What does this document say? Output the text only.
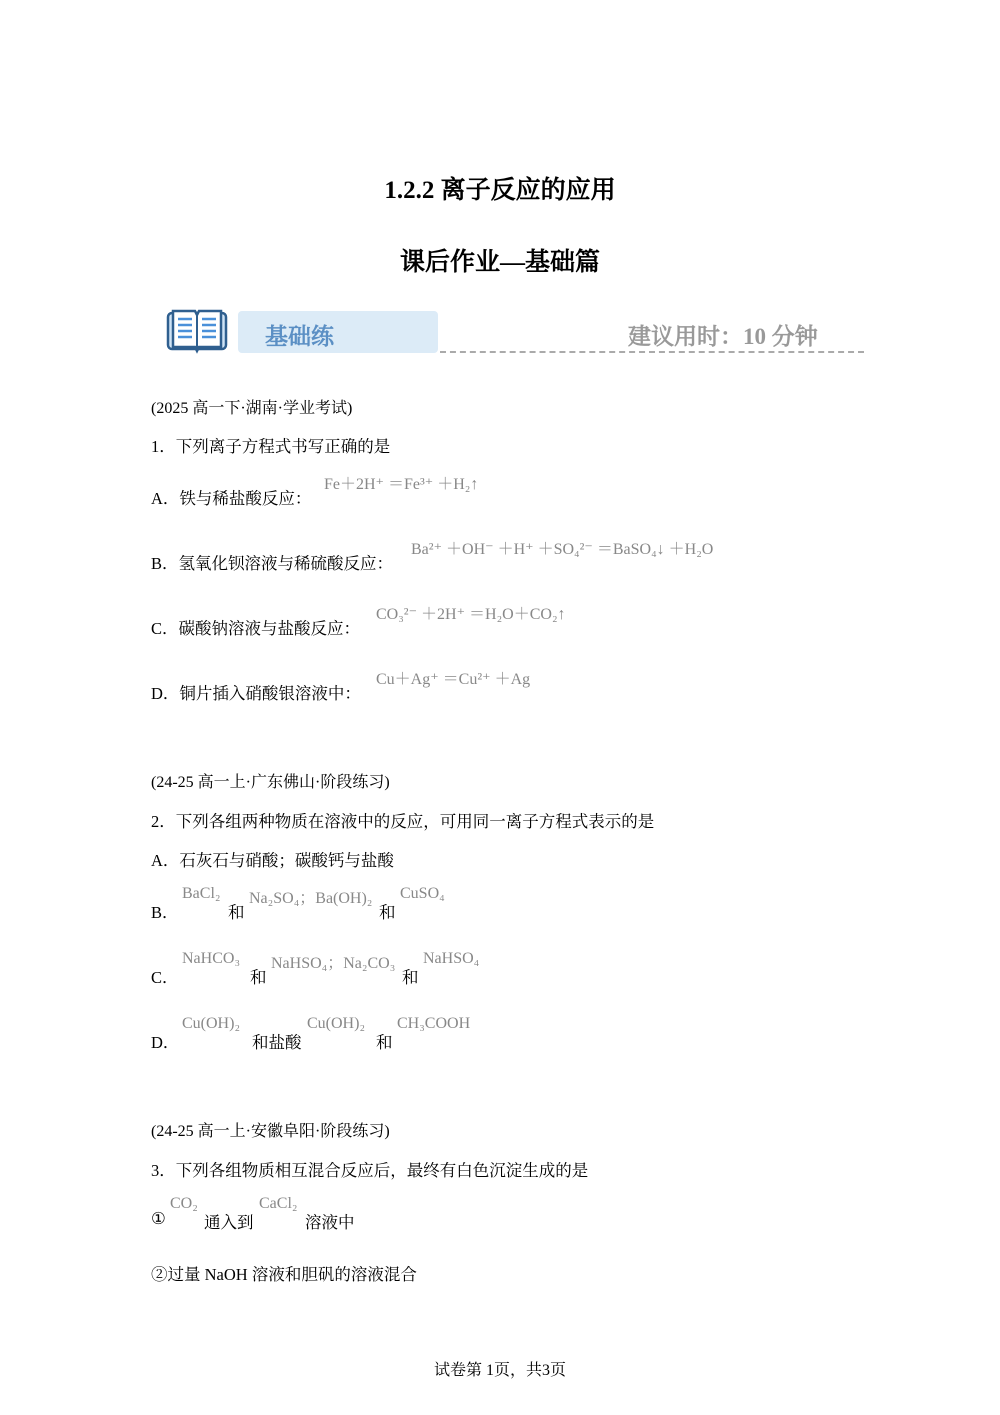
1.2.2 离子反应的应用
课后作业—基础篇
基础练	建议用时：10 分钟
(2025 高一下·湖南·学业考试)
1．下列离子方程式书写正确的是
A．铁与稀盐酸反应：
Fe＋2H⁺ ＝Fe³⁺ ＋H₂↑
B．氢氧化钡溶液与稀硫酸反应：
Ba²⁺ ＋OH⁻ ＋H⁺ ＋SO₄²⁻ ＝BaSO₄↓ ＋H₂O
C．碳酸钠溶液与盐酸反应：
CO₃²⁻ ＋2H⁺ ＝H₂O＋CO₂↑
D．铜片插入硝酸银溶液中：
Cu＋Ag⁺ ＝Cu²⁺ ＋Ag
(24-25 高一上·广东佛山·阶段练习)
2．下列各组两种物质在溶液中的反应，可用同一离子方程式表示的是
A．石灰石与硝酸；碳酸钙与盐酸
B．
BaCl₂
和
Na₂SO₄；Ba(OH)₂
和
CuSO₄
C．
NaHCO₃
和
NaHSO₄；Na₂CO₃
和
NaHSO₄
D．
Cu(OH)₂
和盐酸
Cu(OH)₂
和
CH₃COOH
(24-25 高一上·安徽阜阳·阶段练习)
3．下列各组物质相互混合反应后，最终有白色沉淀生成的是
①
CO₂
通入到
CaCl₂
溶液中
②过量 NaOH 溶液和胆矾的溶液混合
试卷第 1页，共3页
